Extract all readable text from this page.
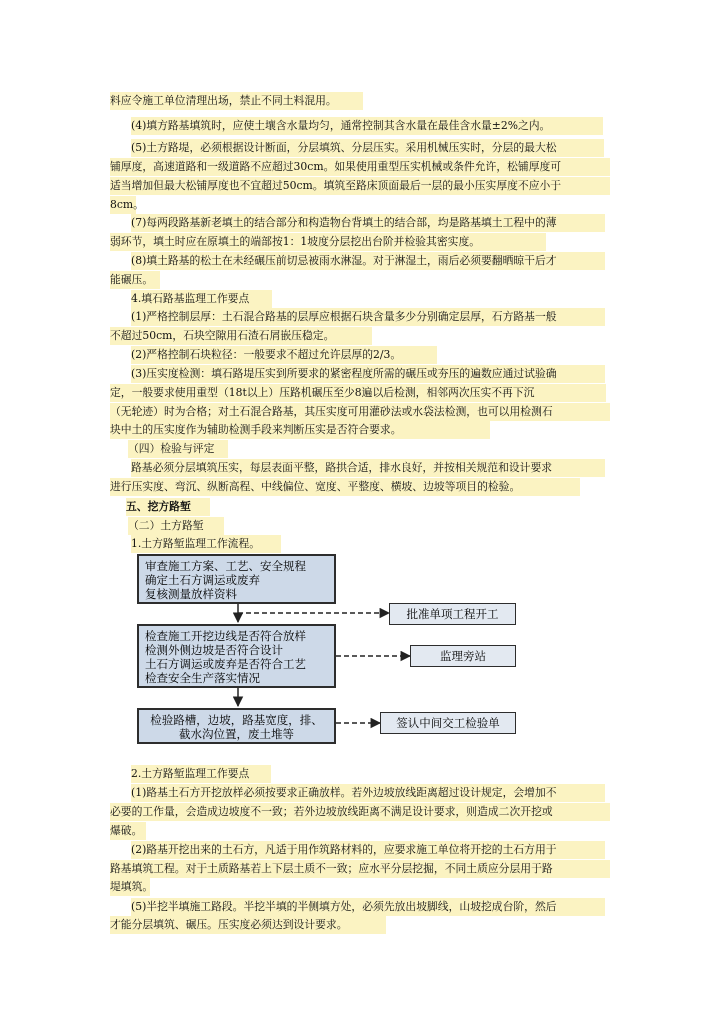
料应令施工单位清理出场，禁止不同土料混用。
(4)填方路基填筑时，应使土壤含水量均匀，通常控制其含水量在最佳含水量±2%之内。
(5)土方路堤，必须根据设计断面，分层填筑、分层压实。采用机械压实时，分层的最大松
铺厚度，高速道路和一级道路不应超过30cm。如果使用重型压实机械或条件允许，松铺厚度可
适当增加但最大松铺厚度也不宜超过50cm。填筑至路床顶面最后一层的最小压实厚度不应小于
8cm。
(7)每两段路基新老填土的结合部分和构造物台背填土的结合部，均是路基填土工程中的薄
弱环节，填土时应在原填土的端部按1：1坡度分层挖出台阶并检验其密实度。
(8)填土路基的松土在未经碾压前切忌被雨水淋湿。对于淋湿土，雨后必须要翻晒晾干后才
能碾压。
4.填石路基监理工作要点
(1)严格控制层厚：土石混合路基的层厚应根据石块含量多少分别确定层厚，石方路基一般
不超过50cm，石块空隙用石渣石屑嵌压稳定。
(2)严格控制石块粒径：一般要求不超过允许层厚的2/3。
(3)压实度检测：填石路堤压实到所要求的紧密程度所需的碾压或夯压的遍数应通过试验确
定，一般要求使用重型（18t以上）压路机碾压至少8遍以后检测，相邻两次压实不再下沉
（无轮迹）时为合格；对土石混合路基，其压实度可用灌砂法或水袋法检测，也可以用检测石
块中土的压实度作为辅助检测手段来判断压实是否符合要求。
（四）检验与评定
路基必须分层填筑压实，每层表面平整，路拱合适，排水良好，并按相关规范和设计要求
进行压实度、弯沉、纵断高程、中线偏位、宽度、平整度、横坡、边坡等项目的检验。
五、挖方路堑
（二）土方路堑
1.土方路堑监理工作流程。
2.土方路堑监理工作要点
(1)路基土石方开挖放样必须按要求正确放样。若外边坡放线距离超过设计规定，会增加不
必要的工作量，会造成边坡度不一致；若外边坡放线距离不满足设计要求，则造成二次开挖或
爆破。
(2)路基开挖出来的土石方，凡适于用作筑路材料的，应要求施工单位将开挖的土石方用于
路基填筑工程。对于土质路基若上下层土质不一致；应水平分层挖掘，不同土质应分层用于路
堤填筑。
(5)半挖半填施工路段。半挖半填的半侧填方处，必须先放出坡脚线，山坡挖成台阶，然后
才能分层填筑、碾压。压实度必须达到设计要求。
审查施工方案、工艺、安全规程
确定土石方调运或废弃
复核测量放样资料
检查施工开挖边线是否符合放样
检测外侧边坡是否符合设计
土石方调运或废弃是否符合工艺
检查安全生产落实情况
检验路槽，边坡，路基宽度，排、
截水沟位置，废土堆等
批准单项工程开工
监理旁站
签认中间交工检验单
